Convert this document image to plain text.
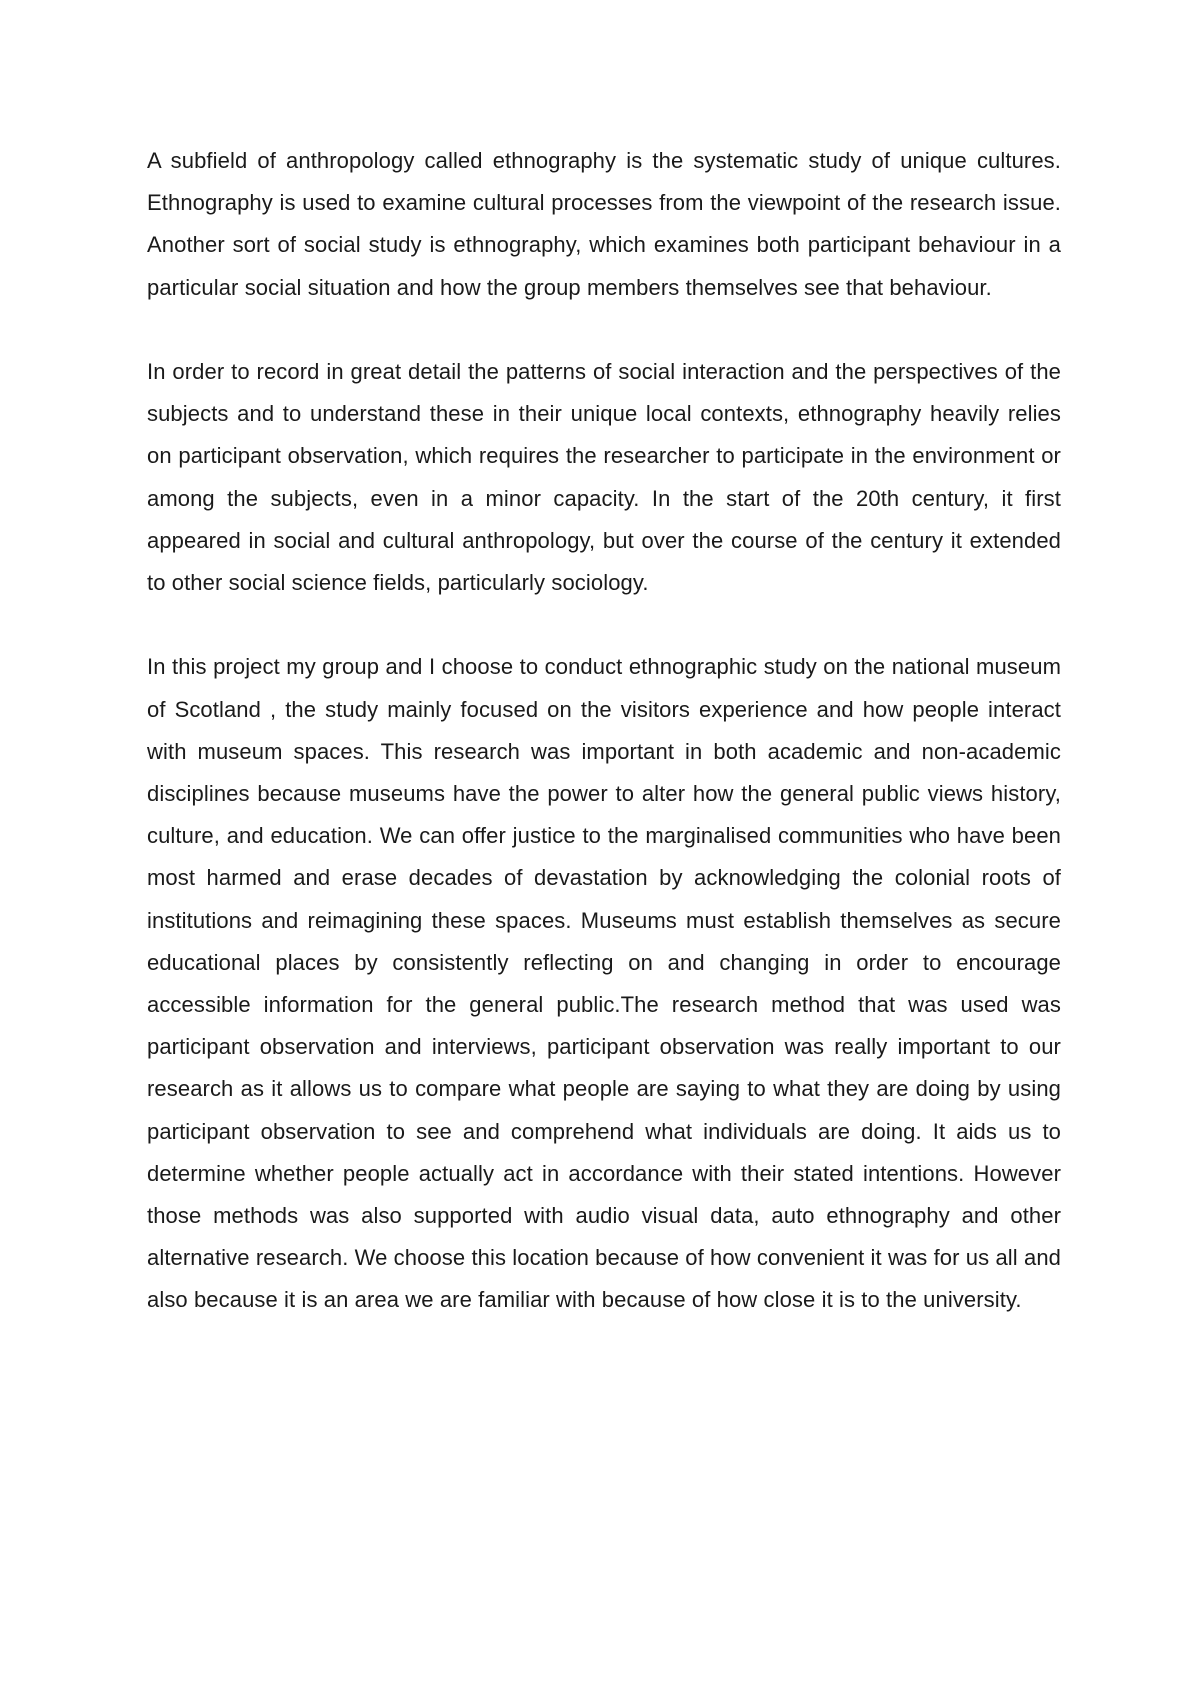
A subfield of anthropology called ethnography is the systematic study of unique cultures. Ethnography is used to examine cultural processes from the viewpoint of the research issue. Another sort of social study is ethnography, which examines both participant behaviour in a particular social situation and how the group members themselves see that behaviour.

In order to record in great detail the patterns of social interaction and the perspectives of the subjects and to understand these in their unique local contexts, ethnography heavily relies on participant observation, which requires the researcher to participate in the environment or among the subjects, even in a minor capacity. In the start of the 20th century, it first appeared in social and cultural anthropology, but over the course of the century it extended to other social science fields, particularly sociology.

In this project my group and I choose to conduct ethnographic study on the national museum of Scotland , the study mainly focused on the visitors experience and how people interact with museum spaces. This research was important in both academic and non-academic disciplines because museums have the power to alter how the general public views history, culture, and education. We can offer justice to the marginalised communities who have been most harmed and erase decades of devastation by acknowledging the colonial roots of institutions and reimagining these spaces. Museums must establish themselves as secure educational places by consistently reflecting on and changing in order to encourage accessible information for the general public.The research method that was used was participant observation and interviews, participant observation was really important to our research as it allows us to compare what people are saying to what they are doing by using participant observation to see and comprehend what individuals are doing. It aids us to determine whether people actually act in accordance with their stated intentions. However those methods was also supported with audio visual data, auto ethnography and other alternative research. We choose this location because of how convenient it was for us all and also because it is an area we are familiar with because of how close it is to the university.
